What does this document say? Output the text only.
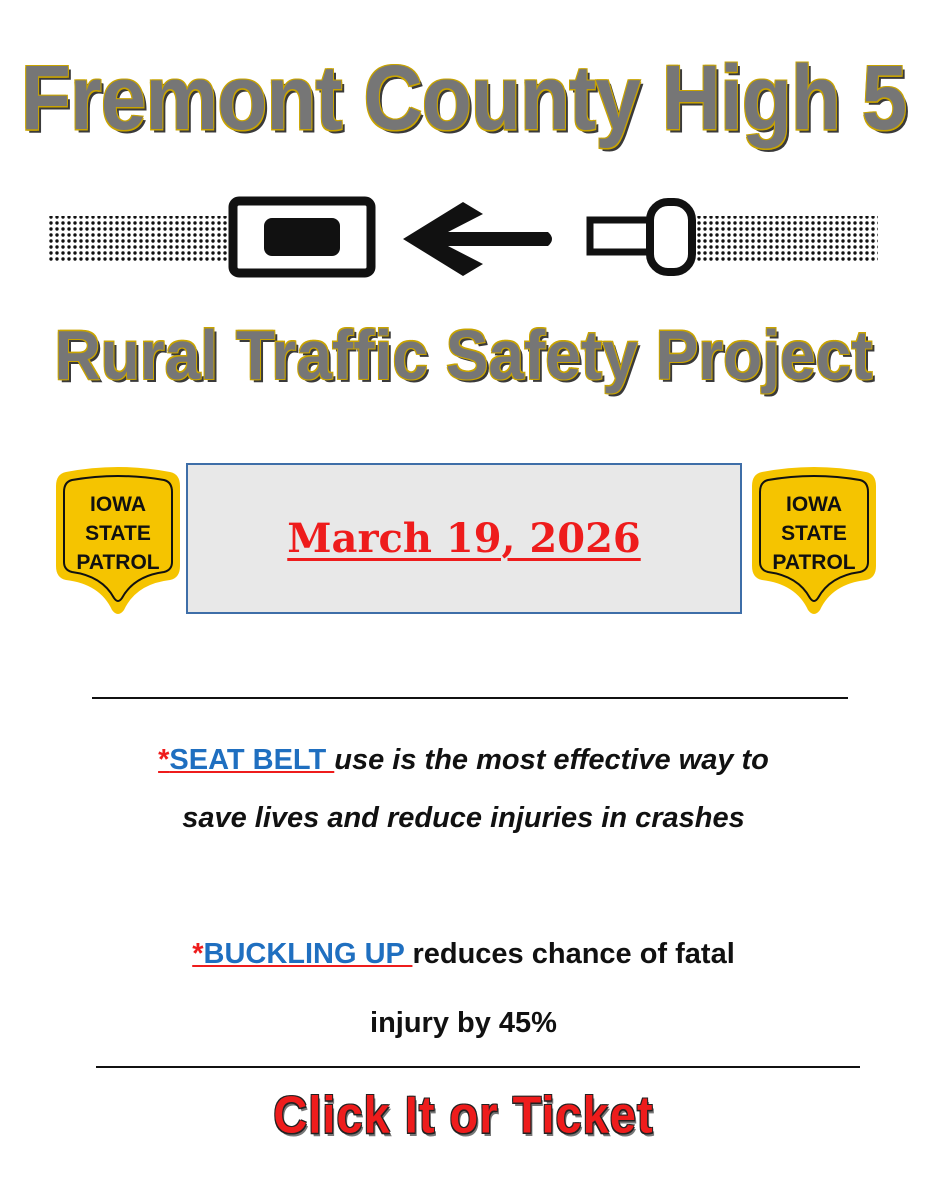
Fremont County High 5
Rural Traffic Safety Project
IOWA
STATE
PATROL
March 19, 2026
IOWA
STATE
PATROL
*SEAT BELT use is the most effective way to
save lives and reduce injuries in crashes
*BUCKLING UP reduces chance of fatal
injury by 45%
Click It or Ticket
